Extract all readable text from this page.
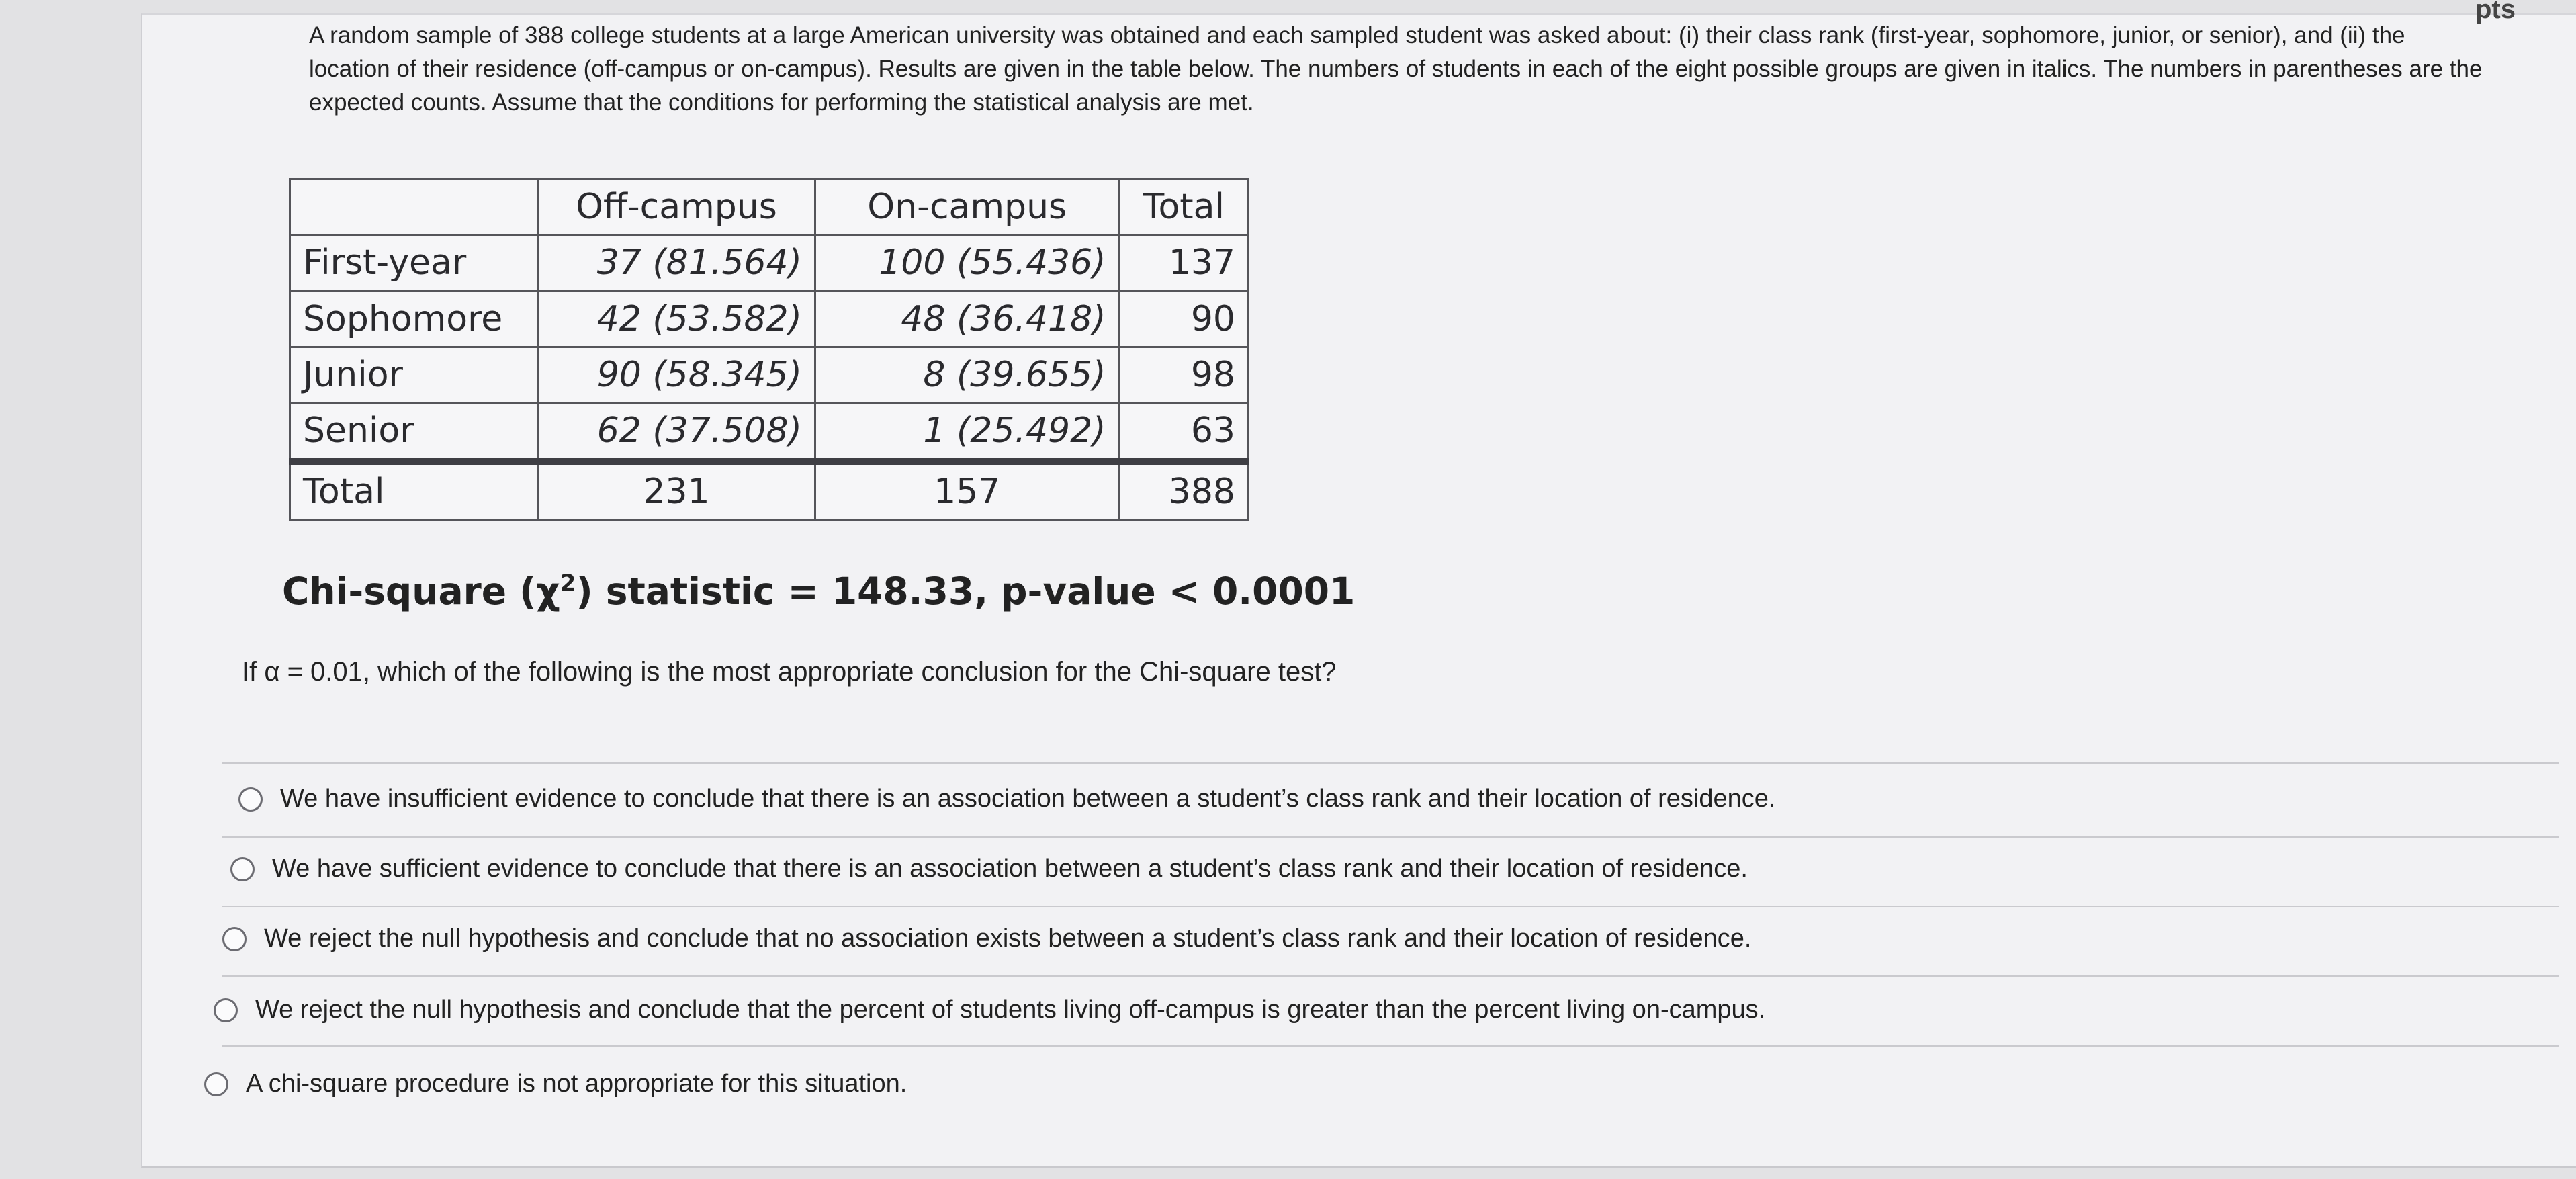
pts

A random sample of 388 college students at a large American university was obtained and each sampled student was asked about: (i) their class rank (first-year, sophomore, junior, or senior), and (ii) the location of their residence (off-campus or on-campus). Results are given in the table below. The numbers of students in each of the eight possible groups are given in italics. The numbers in parentheses are the expected counts. Assume that the conditions for performing the statistical analysis are met.

	Off-campus	On-campus	Total
First-year	37 (81.564)	100 (55.436)	137
Sophomore	42 (53.582)	48 (36.418)	90
Junior	90 (58.345)	8 (39.655)	98
Senior	62 (37.508)	1 (25.492)	63
Total	231	157	388
Chi-square $(\chi^2)$ statistic = 148.33, p-value < 0.0001
If α = 0.01, which of the following is the most appropriate conclusion for the Chi-square test?
We have insufficient evidence to conclude that there is an association between a student’s class rank and their location of residence.
We have sufficient evidence to conclude that there is an association between a student’s class rank and their location of residence.
We reject the null hypothesis and conclude that no association exists between a student’s class rank and their location of residence.
We reject the null hypothesis and conclude that the percent of students living off-campus is greater than the percent living on-campus.
A chi-square procedure is not appropriate for this situation.
